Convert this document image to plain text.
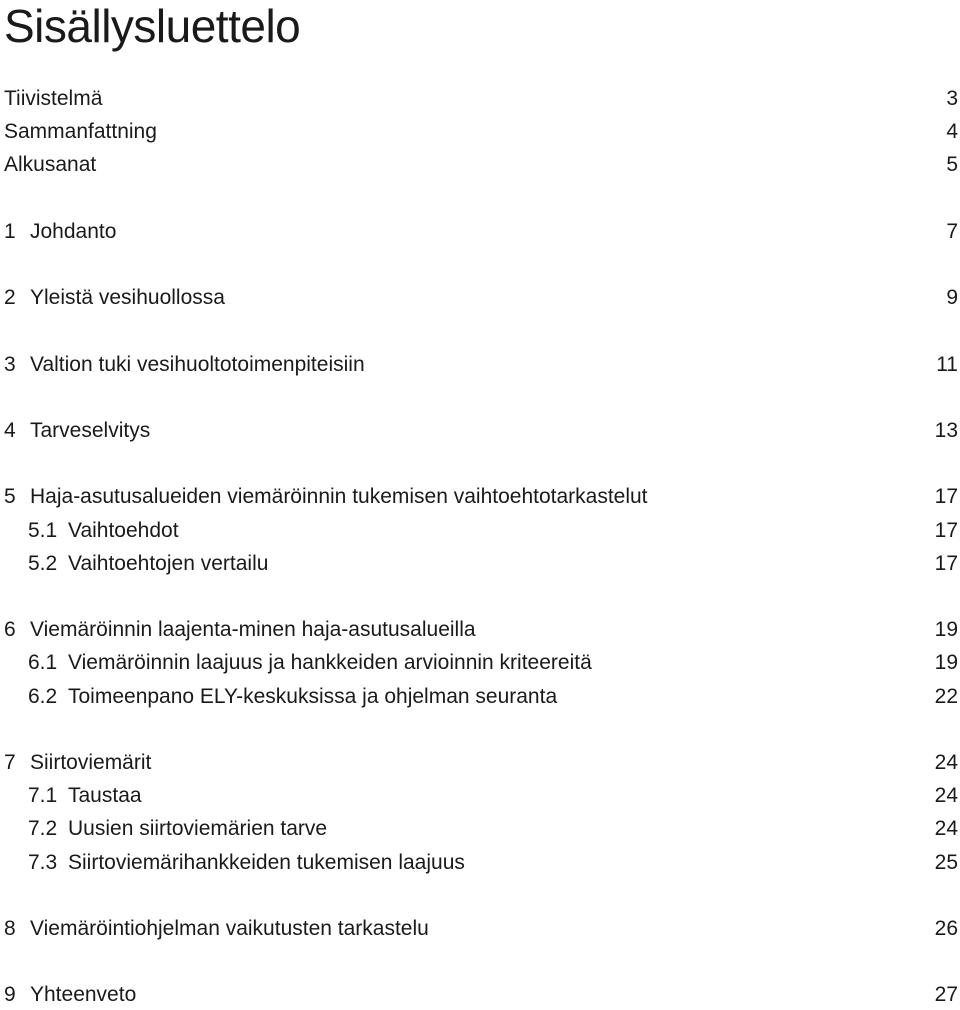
Sisällysluettelo
Tiivistelmä	3
Sammanfattning	4
Alkusanat	5
1 Johdanto	7
2 Yleistä vesihuollossa	9
3 Valtion tuki vesihuoltotoimenpiteisiin	11
4 Tarveselvitys	13
5 Haja-asutusalueiden viemäröinnin tukemisen vaihtoehtotarkastelut	17
5.1 Vaihtoehdot	17
5.2 Vaihtoehtojen vertailu	17
6 Viemäröinnin laajenta-minen haja-asutusalueilla	19
6.1 Viemäröinnin laajuus ja hankkeiden arvioinnin kriteereitä	19
6.2 Toimeenpano ELY-keskuksissa ja ohjelman seuranta	22
7 Siirtoviemärit	24
7.1 Taustaa	24
7.2 Uusien siirtoviemärien tarve	24
7.3 Siirtoviemärihankkeiden tukemisen laajuus	25
8 Viemäröintiohjelman vaikutusten tarkastelu	26
9 Yhteenveto	27
